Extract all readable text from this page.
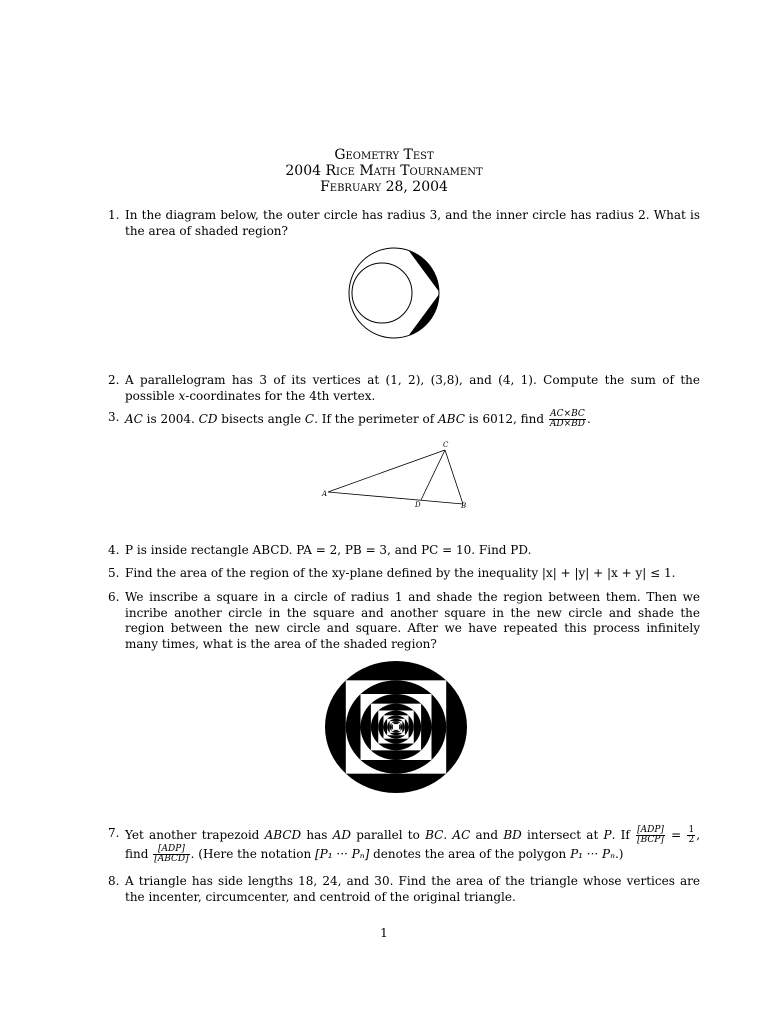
Geometry Test
2004 Rice Math Tournament
February 28, 2004
1. In the diagram below, the outer circle has radius 3, and the inner circle has radius 2. What is the area of shaded region?
2. A parallelogram has 3 of its vertices at (1, 2), (3,8), and (4, 1). Compute the sum of the possible x-coordinates for the 4th vertex.
3. AC is 2004. CD bisects angle C. If the perimeter of ABC is 6012, find $\frac{AC\times BC}{AD\times BD}$ .
A
B
C
D
4. P is inside rectangle ABCD. PA = 2, PB = 3, and PC = 10. Find PD.
5. Find the area of the region of the xy-plane defined by the inequality |x| + |y| + |x + y| ≤ 1.
6. We inscribe a square in a circle of radius 1 and shade the region between them. Then we incribe another circle in the square and another square in the new circle and shade the region between the new circle and square. After we have repeated this process infinitely many times, what is the area of the shaded region?
7. Yet another trapezoid ABCD has AD parallel to BC. AC and BD intersect at P. If $\frac{\text{[ADP]}}{\text{[BCP]}} = \frac{1}{2}$ , find $\frac{\text{[ADP]}}{\text{[ABCD]}}$ . (Here the notation [P₁ ··· Pₙ] denotes the area of the polygon P₁ ··· Pₙ.)
8. A triangle has side lengths 18, 24, and 30. Find the area of the triangle whose vertices are the incenter, circumcenter, and centroid of the original triangle.
1
